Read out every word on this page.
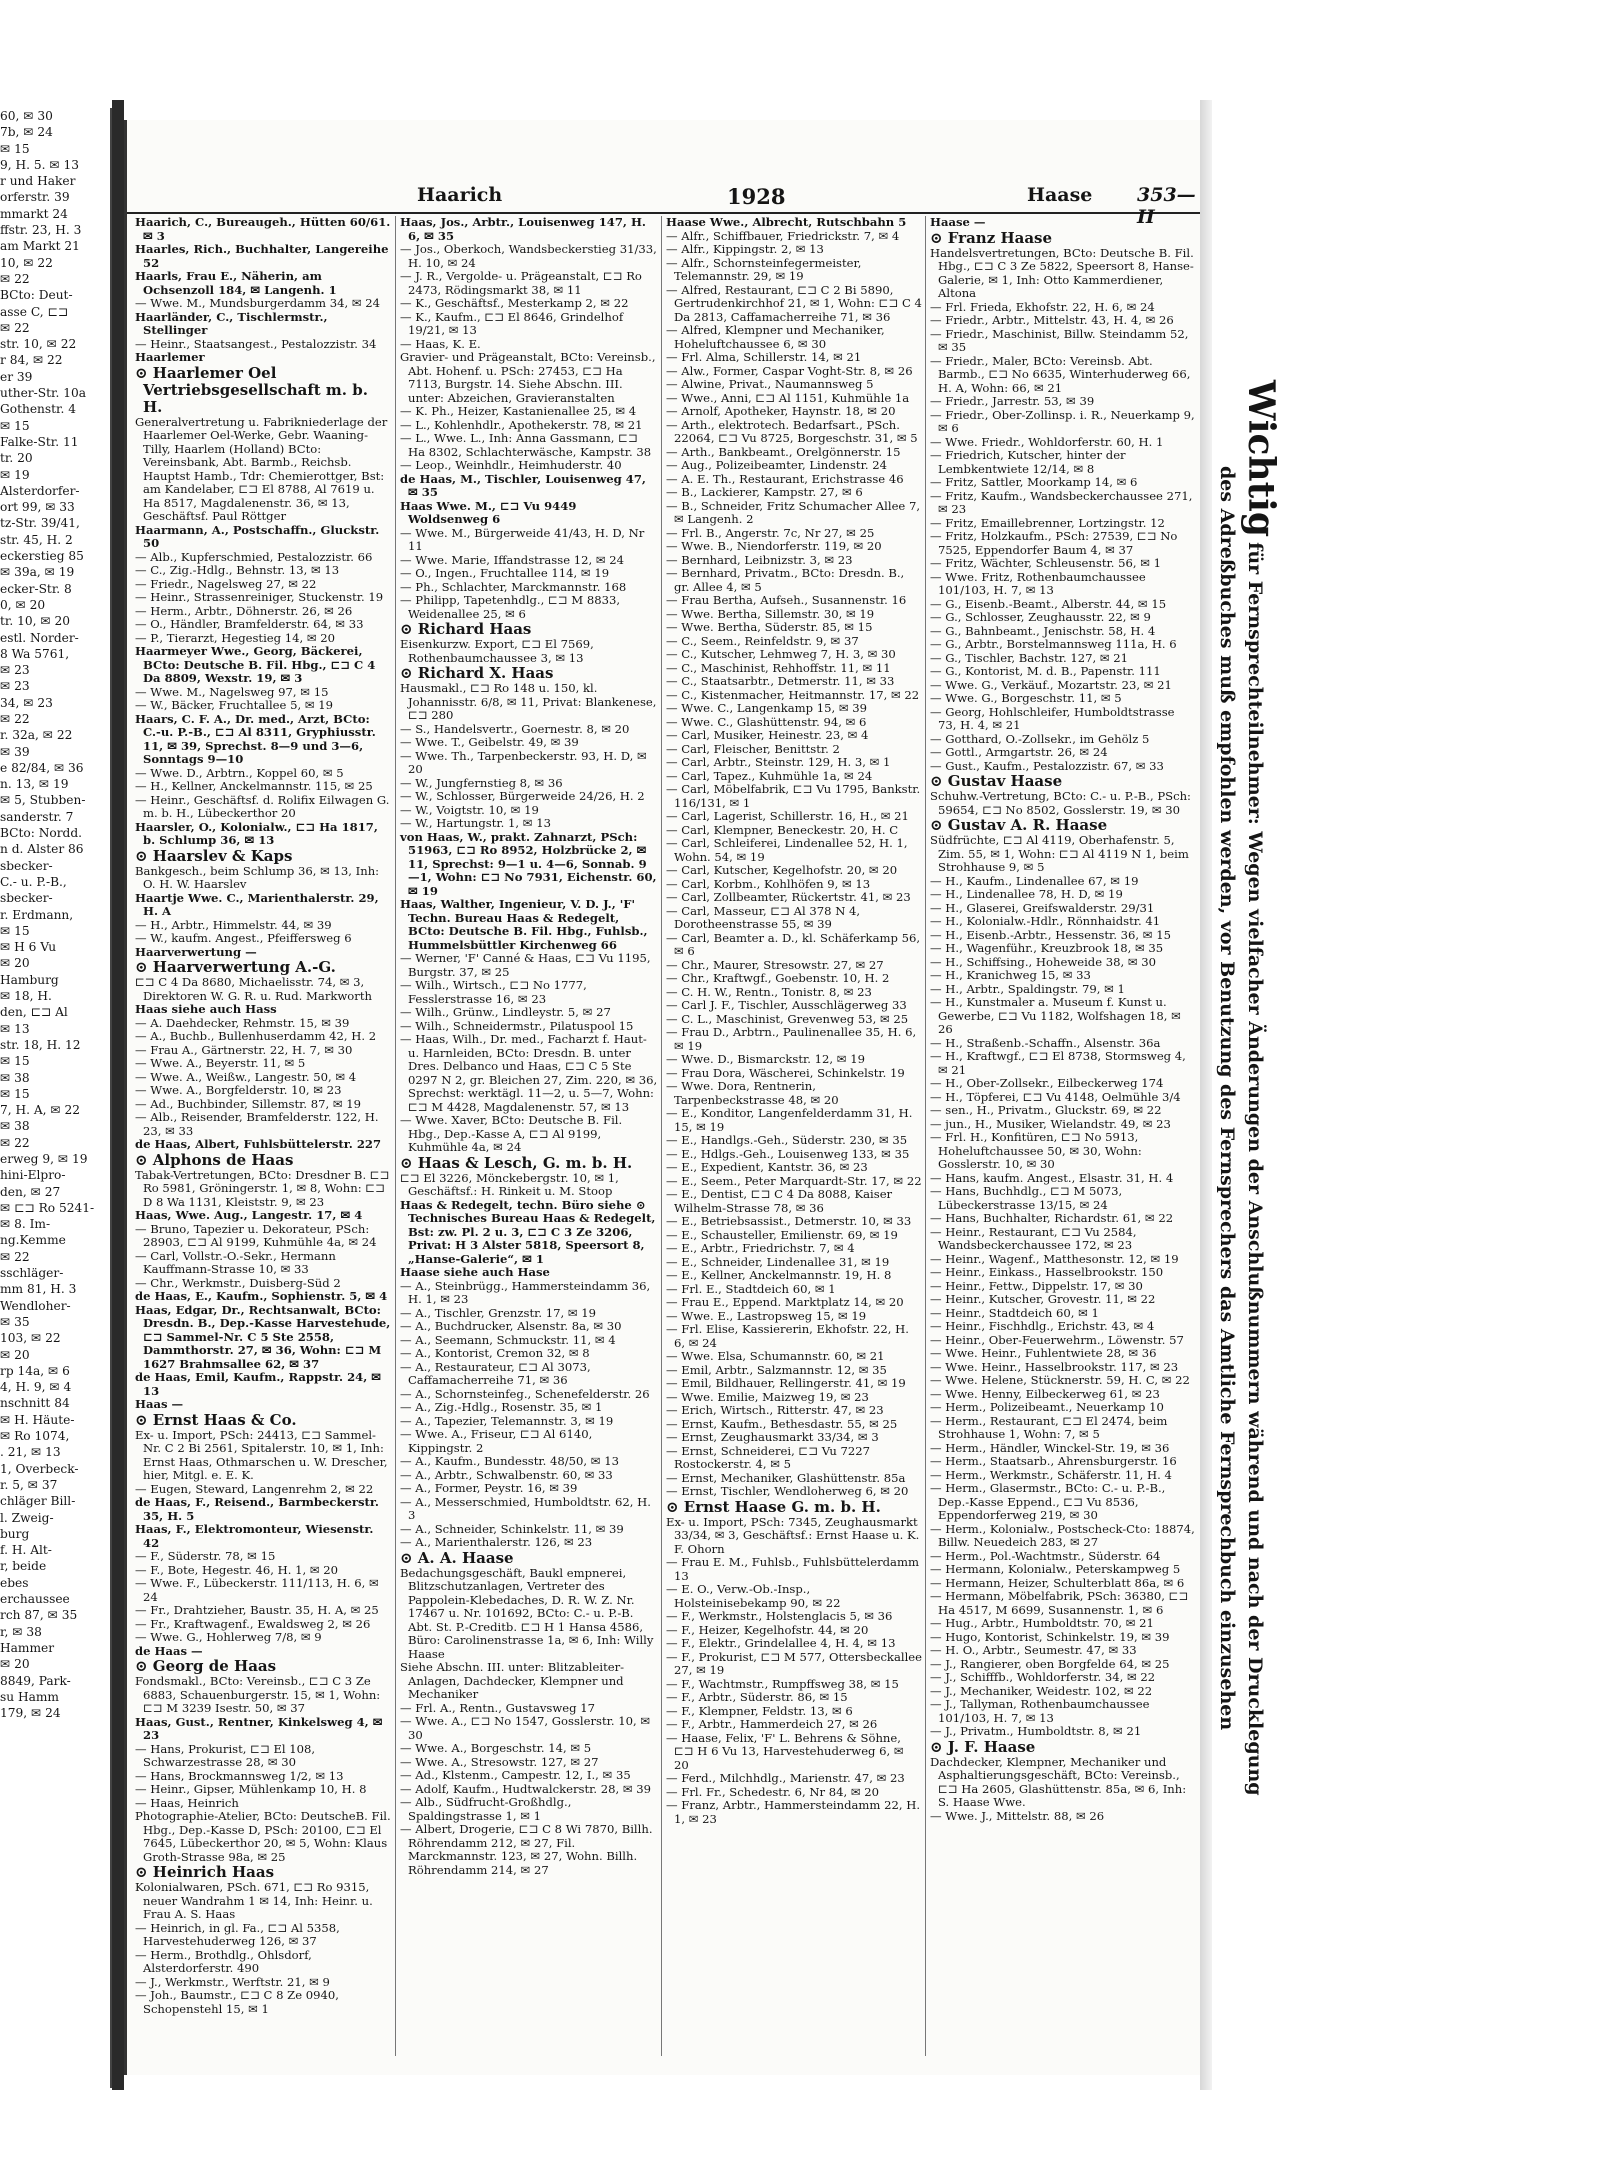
60, ✉ 30
7b, ✉ 24
✉ 15
9, H. 5. ✉ 13
r und Haker
orferstr. 39
mmarkt 24
ffstr. 23, H. 3
am Markt 21
10, ✉ 22
✉ 22
BCto: Deut-
asse C, ⊏⊐
✉ 22
str. 10, ✉ 22
r 84, ✉ 22
er 39
uther-Str. 10a
Gothenstr. 4
✉ 15
Falke-Str. 11
tr. 20
✉ 19
Alsterdorfer-
ort 99, ✉ 33
tz-Str. 39/41,
str. 45, H. 2
eckerstieg 85
✉ 39a, ✉ 19
ecker-Str. 8
0, ✉ 20
tr. 10, ✉ 20
estl. Norder-
8 Wa 5761,
✉ 23
✉ 23
34, ✉ 23
✉ 22
r. 32a, ✉ 22
✉ 39
e 82/84, ✉ 36
n. 13, ✉ 19
✉ 5, Stubben-
sanderstr. 7
BCto: Nordd.
n d. Alster 86
sbecker-
C.- u. P.-B.,
sbecker-
r. Erdmann,
✉ 15
✉ H 6 Vu
✉ 20
Hamburg
✉ 18, H.
den, ⊏⊐ Al
✉ 13
str. 18, H. 12
✉ 15
✉ 38
✉ 15
7, H. A, ✉ 22
✉ 38
✉ 22
erweg 9, ✉ 19
hini-Elpro-
den, ✉ 27
✉ ⊏⊐ Ro 5241-
✉ 8. Im-
ng.Kemme
✉ 22
sschläger-
mm 81, H. 3
Wendloher-
✉ 35
103, ✉ 22
✉ 20
rp 14a, ✉ 6
4, H. 9, ✉ 4
nschnitt 84
✉ H. Häute-
✉ Ro 1074,
. 21, ✉ 13
1, Overbeck-
r. 5, ✉ 37
chläger Bill-
l. Zweig-
burg
f. H. Alt-
r, beide
ebes
erchaussee
rch 87, ✉ 35
r, ✉ 38
Hammer
✉ 20
8849, Park-
su Hamm
179, ✉ 24
Haarich	1928	Haase 353—II
Haarich, C., Bureaugeh., Hütten 60/61. ✉ 3
Haarles, Rich., Buchhalter, Langereihe 52
Haarls, Frau E., Näherin, am Ochsenzoll 184, ✉ Langenh. 1
— Wwe. M., Mundsburgerdamm 34, ✉ 24
Haarländer, C., Tischlermstr., Stellinger
— Heinr., Staatsangest., Pestalozzistr. 34
Haarlemer
⊙ Haarlemer Oel Vertriebsgesellschaft m. b. H.
Generalvertretung u. Fabrikniederlage der Haarlemer Oel-Werke, Gebr. Waaning-Tilly, Haarlem (Holland) BCto: Vereinsbank, Abt. Barmb., Reichsb. Hauptst Hamb., Tdr: Chemierottger, Bst: am Kandelaber, ⊏⊐ El 8788, Al 7619 u. Ha 8517, Magdalenenstr. 36, ✉ 13, Geschäftsf. Paul Röttger
Haarmann, A., Postschaffn., Gluckstr. 50
— Alb., Kupferschmied, Pestalozzistr. 66
— C., Zig.-Hdlg., Behnstr. 13, ✉ 13
— Friedr., Nagelsweg 27, ✉ 22
— Heinr., Strassenreiniger, Stuckenstr. 19
— Herm., Arbtr., Döhnerstr. 26, ✉ 26
— O., Händler, Bramfelderstr. 64, ✉ 33
— P., Tierarzt, Hegestieg 14, ✉ 20
Haarmeyer Wwe., Georg, Bäckerei, BCto: Deutsche B. Fil. Hbg., ⊏⊐ C 4 Da 8809, Wexstr. 19, ✉ 3
— Wwe. M., Nagelsweg 97, ✉ 15
— W., Bäcker, Fruchtallee 5, ✉ 19
Haars, C. F. A., Dr. med., Arzt, BCto: C.-u. P.-B., ⊏⊐ Al 8311, Gryphiusstr. 11, ✉ 39, Sprechst. 8—9 und 3—6, Sonntags 9—10
— Wwe. D., Arbtrn., Koppel 60, ✉ 5
— H., Kellner, Anckelmannstr. 115, ✉ 25
— Heinr., Geschäftsf. d. Rolifix Eilwagen G. m. b. H., Lübeckerthor 20
Haarsler, O., Kolonialw., ⊏⊐ Ha 1817, b. Schlump 36, ✉ 13
⊙ Haarslev & Kaps
Bankgesch., beim Schlump 36, ✉ 13, Inh: O. H. W. Haarslev
Haartje Wwe. C., Marienthalerstr. 29, H. A
— H., Arbtr., Himmelstr. 44, ✉ 39
— W., kaufm. Angest., Pfeiffersweg 6
Haarverwertung —
⊙ Haarverwertung A.-G.
⊏⊐ C 4 Da 8680, Michaelisstr. 74, ✉ 3, Direktoren W. G. R. u. Rud. Markworth
Haas siehe auch Hass
— A. Daehdecker, Rehmstr. 15, ✉ 39
— A., Buchb., Bullenhuserdamm 42, H. 2
— Frau A., Gärtnerstr. 22, H. 7, ✉ 30
— Wwe. A., Beyerstr. 11, ✉ 5
— Wwe. A., Weißw., Langestr. 50, ✉ 4
— Wwe. A., Borgfelderstr. 10, ✉ 23
— Ad., Buchbinder, Sillemstr. 87, ✉ 19
— Alb., Reisender, Bramfelderstr. 122, H. 23, ✉ 33
de Haas, Albert, Fuhlsbüttelerstr. 227
⊙ Alphons de Haas
Tabak-Vertretungen, BCto: Dresdner B. ⊏⊐ Ro 5981, Gröningerstr. 1, ✉ 8, Wohn: ⊏⊐ D 8 Wa 1131, Kleiststr. 9, ✉ 23
Haas, Wwe. Aug., Langestr. 17, ✉ 4
— Bruno, Tapezier u. Dekorateur, PSch: 28903, ⊏⊐ Al 9199, Kuhmühle 4a, ✉ 24
— Carl, Vollstr.-O.-Sekr., Hermann Kauffmann-Strasse 10, ✉ 33
— Chr., Werkmstr., Duisberg-Süd 2
de Haas, E., Kaufm., Sophienstr. 5, ✉ 4
Haas, Edgar, Dr., Rechtsanwalt, BCto: Dresdn. B., Dep.-Kasse Harvestehude, ⊏⊐ Sammel-Nr. C 5 Ste 2558, Dammthorstr. 27, ✉ 36, Wohn: ⊏⊐ M 1627 Brahmsallee 62, ✉ 37
de Haas, Emil, Kaufm., Rappstr. 24, ✉ 13
Haas —
⊙ Ernst Haas & Co.
Ex- u. Import, PSch: 24413, ⊏⊐ Sammel-Nr. C 2 Bi 2561, Spitalerstr. 10, ✉ 1, Inh: Ernst Haas, Othmarschen u. W. Drescher, hier, Mitgl. e. E. K.
— Eugen, Steward, Langenrehm 2, ✉ 22
de Haas, F., Reisend., Barmbeckerstr. 35, H. 5
Haas, F., Elektromonteur, Wiesenstr. 42
— F., Süderstr. 78, ✉ 15
— F., Bote, Hegestr. 46, H. 1, ✉ 20
— Wwe. F., Lübeckerstr. 111/113, H. 6, ✉ 24
— Fr., Drahtzieher, Baustr. 35, H. A, ✉ 25
— Fr., Kraftwagenf., Ewaldsweg 2, ✉ 26
— Wwe. G., Hohlerweg 7/8, ✉ 9
de Haas —
⊙ Georg de Haas
Fondsmakl., BCto: Vereinsb., ⊏⊐ C 3 Ze 6883, Schauenburgerstr. 15, ✉ 1, Wohn: ⊏⊐ M 3239 Isestr. 50, ✉ 37
Haas, Gust., Rentner, Kinkelsweg 4, ✉ 23
— Hans, Prokurist, ⊏⊐ El 108, Schwarzestrasse 28, ✉ 30
— Hans, Brockmannsweg 1/2, ✉ 13
— Heinr., Gipser, Mühlenkamp 10, H. 8
— Haas, Heinrich
Photographie-Atelier, BCto: DeutscheB. Fil. Hbg., Dep.-Kasse D, PSch: 20100, ⊏⊐ El 7645, Lübeckerthor 20, ✉ 5, Wohn: Klaus Groth-Strasse 98a, ✉ 25
⊙ Heinrich Haas
Kolonialwaren, PSch. 671, ⊏⊐ Ro 9315, neuer Wandrahm 1 ✉ 14, Inh: Heinr. u. Frau A. S. Haas
— Heinrich, in gl. Fa., ⊏⊐ Al 5358, Harvestehuderweg 126, ✉ 37
— Herm., Brothdlg., Ohlsdorf, Alsterdorferstr. 490
— J., Werkmstr., Werftstr. 21, ✉ 9
— Joh., Baumstr., ⊏⊐ C 8 Ze 0940, Schopenstehl 15, ✉ 1
Haas, Jos., Arbtr., Louisenweg 147, H. 6, ✉ 35
— Jos., Oberkoch, Wandsbeckerstieg 31/33, H. 10, ✉ 24
— J. R., Vergolde- u. Prägeanstalt, ⊏⊐ Ro 2473, Rödingsmarkt 38, ✉ 11
— K., Geschäftsf., Mesterkamp 2, ✉ 22
— K., Kaufm., ⊏⊐ El 8646, Grindelhof 19/21, ✉ 13
— Haas, K. E.
Gravier- und Prägeanstalt, BCto: Vereinsb., Abt. Hohenf. u. PSch: 27453, ⊏⊐ Ha 7113, Burgstr. 14. Siehe Abschn. III. unter: Abzeichen, Gravieranstalten
— K. Ph., Heizer, Kastanienallee 25, ✉ 4
— L., Kohlenhdlr., Apothekerstr. 78, ✉ 21
— L., Wwe. L., Inh: Anna Gassmann, ⊏⊐ Ha 8302, Schlachterwäsche, Kampstr. 38
— Leop., Weinhdlr., Heimhuderstr. 40
de Haas, M., Tischler, Louisenweg 47, ✉ 35
Haas Wwe. M., ⊏⊐ Vu 9449 Woldsenweg 6
— Wwe. M., Bürgerweide 41/43, H. D, Nr 11
— Wwe. Marie, Iffandstrasse 12, ✉ 24
— O., Ingen., Fruchtallee 114, ✉ 19
— Ph., Schlachter, Marckmannstr. 168
— Philipp, Tapetenhdlg., ⊏⊐ M 8833, Weidenallee 25, ✉ 6
⊙ Richard Haas
Eisenkurzw. Export, ⊏⊐ El 7569, Rothenbaumchaussee 3, ✉ 13
⊙ Richard X. Haas
Hausmakl., ⊏⊐ Ro 148 u. 150, kl. Johannisstr. 6/8, ✉ 11, Privat: Blankenese, ⊏⊐ 280
— S., Handelsvertr., Goernestr. 8, ✉ 20
— Wwe. T., Geibelstr. 49, ✉ 39
— Wwe. Th., Tarpenbeckerstr. 93, H. D, ✉ 20
— W., Jungfernstieg 8, ✉ 36
— W., Schlosser, Bürgerweide 24/26, H. 2
— W., Voigtstr. 10, ✉ 19
— W., Hartungstr. 1, ✉ 13
von Haas, W., prakt. Zahnarzt, PSch: 51963, ⊏⊐ Ro 8952, Holzbrücke 2, ✉ 11, Sprechst: 9—1 u. 4—6, Sonnab. 9—1, Wohn: ⊏⊐ No 7931, Eichenstr. 60, ✉ 19
Haas, Walther, Ingenieur, V. D. J., 'F' Techn. Bureau Haas & Redegelt, BCto: Deutsche B. Fil. Hbg., Fuhlsb., Hummelsbüttler Kirchenweg 66
— Werner, 'F' Canné & Haas, ⊏⊐ Vu 1195, Burgstr. 37, ✉ 25
— Wilh., Wirtsch., ⊏⊐ No 1777, Fesslerstrasse 16, ✉ 23
— Wilh., Grünw., Lindleystr. 5, ✉ 27
— Wilh., Schneidermstr., Pilatuspool 15
— Haas, Wilh., Dr. med., Facharzt f. Haut- u. Harnleiden, BCto: Dresdn. B. unter Dres. Delbanco und Haas, ⊏⊐ C 5 Ste 0297 N 2, gr. Bleichen 27, Zim. 220, ✉ 36, Sprechst: werktägl. 11—2, u. 5—7, Wohn: ⊏⊐ M 4428, Magdalenenstr. 57, ✉ 13
— Wwe. Xaver, BCto: Deutsche B. Fil. Hbg., Dep.-Kasse A, ⊏⊐ Al 9199, Kuhmühle 4a, ✉ 24
⊙ Haas & Lesch, G. m. b. H.
⊏⊐ El 3226, Mönckebergstr. 10, ✉ 1, Geschäftsf.: H. Rinkeit u. M. Stoop
Haas & Redegelt, techn. Büro siehe ⊙ Technisches Bureau Haas & Redegelt, Bst: zw. Pl. 2 u. 3, ⊏⊐ C 3 Ze 3206, Privat: H 3 Alster 5818, Speersort 8, „Hanse-Galerie“, ✉ 1
Haase siehe auch Hase
— A., Steinbrügg., Hammersteindamm 36, H. 1, ✉ 23
— A., Tischler, Grenzstr. 17, ✉ 19
— A., Buchdrucker, Alsenstr. 8a, ✉ 30
— A., Seemann, Schmuckstr. 11, ✉ 4
— A., Kontorist, Cremon 32, ✉ 8
— A., Restaurateur, ⊏⊐ Al 3073, Caffamacherreihe 71, ✉ 36
— A., Schornsteinfeg., Schenefelderstr. 26
— A., Zig.-Hdlg., Rosenstr. 35, ✉ 1
— A., Tapezier, Telemannstr. 3, ✉ 19
— Wwe. A., Friseur, ⊏⊐ Al 6140, Kippingstr. 2
— A., Kaufm., Bundesstr. 48/50, ✉ 13
— A., Arbtr., Schwalbenstr. 60, ✉ 33
— A., Former, Peystr. 16, ✉ 39
— A., Messerschmied, Humboldtstr. 62, H. 3
— A., Schneider, Schinkelstr. 11, ✉ 39
— A., Marienthalerstr. 126, ✉ 23
⊙ A. A. Haase
Bedachungsgeschäft, Baukl empnerei, Blitzschutzanlagen, Vertreter des Pappolein-Klebedaches, D. R. W. Z. Nr. 17467 u. Nr. 101692, BCto: C.- u. P.-B. Abt. St. P.-Creditb. ⊏⊐ H 1 Hansa 4586, Büro: Carolinenstrasse 1a, ✉ 6, Inh: Willy Haase
Siehe Abschn. III. unter: Blitzableiter-Anlagen, Dachdecker, Klempner und Mechaniker
— Frl. A., Rentn., Gustavsweg 17
— Wwe. A., ⊏⊐ No 1547, Gosslerstr. 10, ✉ 30
— Wwe. A., Borgeschstr. 14, ✉ 5
— Wwe. A., Stresowstr. 127, ✉ 27
— Ad., Klstenm., Campestr. 12, I., ✉ 35
— Adolf, Kaufm., Hudtwalckerstr. 28, ✉ 39
— Alb., Südfrucht-Großhdlg., Spaldingstrasse 1, ✉ 1
— Albert, Drogerie, ⊏⊐ C 8 Wi 7870, Billh. Röhrendamm 212, ✉ 27, Fil. Marckmannstr. 123, ✉ 27, Wohn. Billh. Röhrendamm 214, ✉ 27
Haase Wwe., Albrecht, Rutschbahn 5
— Alfr., Schiffbauer, Friedrickstr. 7, ✉ 4
— Alfr., Kippingstr. 2, ✉ 13
— Alfr., Schornsteinfegermeister, Telemannstr. 29, ✉ 19
— Alfred, Restaurant, ⊏⊐ C 2 Bi 5890, Gertrudenkirchhof 21, ✉ 1, Wohn: ⊏⊐ C 4 Da 2813, Caffamacherreihe 71, ✉ 36
— Alfred, Klempner und Mechaniker, Hoheluftchaussee 6, ✉ 30
— Frl. Alma, Schillerstr. 14, ✉ 21
— Alw., Former, Caspar Voght-Str. 8, ✉ 26
— Alwine, Privat., Naumannsweg 5
— Wwe., Anni, ⊏⊐ Al 1151, Kuhmühle 1a
— Arnolf, Apotheker, Haynstr. 18, ✉ 20
— Arth., elektrotech. Bedarfsart., PSch. 22064, ⊏⊐ Vu 8725, Borgeschstr. 31, ✉ 5
— Arth., Bankbeamt., Orelgönnerstr. 15
— Aug., Polizeibeamter, Lindenstr. 24
— A. E. Th., Restaurant, Erichstrasse 46
— B., Lackierer, Kampstr. 27, ✉ 6
— B., Schneider, Fritz Schumacher Allee 7, ✉ Langenh. 2
— Frl. B., Angerstr. 7c, Nr 27, ✉ 25
— Wwe. B., Niendorferstr. 119, ✉ 20
— Bernhard, Leibnizstr. 3, ✉ 23
— Bernhard, Privatm., BCto: Dresdn. B., gr. Allee 4, ✉ 5
— Frau Bertha, Aufseh., Susannenstr. 16
— Wwe. Bertha, Sillemstr. 30, ✉ 19
— Wwe. Bertha, Süderstr. 85, ✉ 15
— C., Seem., Reinfeldstr. 9, ✉ 37
— C., Kutscher, Lehmweg 7, H. 3, ✉ 30
— C., Maschinist, Rehhoffstr. 11, ✉ 11
— C., Staatsarbtr., Detmerstr. 11, ✉ 33
— C., Kistenmacher, Heitmannstr. 17, ✉ 22
— Wwe. C., Langenkamp 15, ✉ 39
— Wwe. C., Glashüttenstr. 94, ✉ 6
— Carl, Musiker, Heinestr. 23, ✉ 4
— Carl, Fleischer, Benittstr. 2
— Carl, Arbtr., Steinstr. 129, H. 3, ✉ 1
— Carl, Tapez., Kuhmühle 1a, ✉ 24
— Carl, Möbelfabrik, ⊏⊐ Vu 1795, Bankstr. 116/131, ✉ 1
— Carl, Lagerist, Schillerstr. 16, H., ✉ 21
— Carl, Klempner, Beneckestr. 20, H. C
— Carl, Schleiferei, Lindenallee 52, H. 1, Wohn. 54, ✉ 19
— Carl, Kutscher, Kegelhofstr. 20, ✉ 20
— Carl, Korbm., Kohlhöfen 9, ✉ 13
— Carl, Zollbeamter, Rückertstr. 41, ✉ 23
— Carl, Masseur, ⊏⊐ Al 378 N 4, Dorotheenstrasse 55, ✉ 39
— Carl, Beamter a. D., kl. Schäferkamp 56, ✉ 6
— Chr., Maurer, Stresowstr. 27, ✉ 27
— Chr., Kraftwgf., Goebenstr. 10, H. 2
— C. H. W., Rentn., Tonistr. 8, ✉ 23
— Carl J. F., Tischler, Ausschlägerweg 33
— C. L., Maschinist, Grevenweg 53, ✉ 25
— Frau D., Arbtrn., Paulinenallee 35, H. 6, ✉ 19
— Wwe. D., Bismarckstr. 12, ✉ 19
— Frau Dora, Wäscherei, Schinkelstr. 19
— Wwe. Dora, Rentnerin, Tarpenbeckstrasse 48, ✉ 20
— E., Konditor, Langenfelderdamm 31, H. 15, ✉ 19
— E., Handlgs.-Geh., Süderstr. 230, ✉ 35
— E., Hdlgs.-Geh., Louisenweg 133, ✉ 35
— E., Expedient, Kantstr. 36, ✉ 23
— E., Seem., Peter Marquardt-Str. 17, ✉ 22
— E., Dentist, ⊏⊐ C 4 Da 8088, Kaiser Wilhelm-Strasse 78, ✉ 36
— E., Betriebsassist., Detmerstr. 10, ✉ 33
— E., Schausteller, Emilienstr. 69, ✉ 19
— E., Arbtr., Friedrichstr. 7, ✉ 4
— E., Schneider, Lindenallee 31, ✉ 19
— E., Kellner, Anckelmannstr. 19, H. 8
— Frl. E., Stadtdeich 60, ✉ 1
— Frau E., Eppend. Marktplatz 14, ✉ 20
— Wwe. E., Lastropsweg 15, ✉ 19
— Frl. Elise, Kassiererin, Ekhofstr. 22, H. 6, ✉ 24
— Wwe. Elsa, Schumannstr. 60, ✉ 21
— Emil, Arbtr., Salzmannstr. 12, ✉ 35
— Emil, Bildhauer, Rellingerstr. 41, ✉ 19
— Wwe. Emilie, Maizweg 19, ✉ 23
— Erich, Wirtsch., Ritterstr. 47, ✉ 23
— Ernst, Kaufm., Bethesdastr. 55, ✉ 25
— Ernst, Zeughausmarkt 33/34, ✉ 3
— Ernst, Schneiderei, ⊏⊐ Vu 7227 Rostockerstr. 4, ✉ 5
— Ernst, Mechaniker, Glashüttenstr. 85a
— Ernst, Tischler, Wendloherweg 6, ✉ 20
⊙ Ernst Haase G. m. b. H.
Ex- u. Import, PSch: 7345, Zeughausmarkt 33/34, ✉ 3, Geschäftsf.: Ernst Haase u. K. F. Ohorn
— Frau E. M., Fuhlsb., Fuhlsbüttelerdamm 13
— E. O., Verw.-Ob.-Insp., Holsteinisebekamp 90, ✉ 22
— F., Werkmstr., Holstenglacis 5, ✉ 36
— F., Heizer, Kegelhofstr. 44, ✉ 20
— F., Elektr., Grindelallee 4, H. 4, ✉ 13
— F., Prokurist, ⊏⊐ M 577, Ottersbeckallee 27, ✉ 19
— F., Wachtmstr., Rumpffsweg 38, ✉ 15
— F., Arbtr., Süderstr. 86, ✉ 15
— F., Klempner, Feldstr. 13, ✉ 6
— F., Arbtr., Hammerdeich 27, ✉ 26
— Haase, Felix, 'F' L. Behrens & Söhne, ⊏⊐ H 6 Vu 13, Harvestehuderweg 6, ✉ 20
— Ferd., Milchhdlg., Marienstr. 47, ✉ 23
— Frl. Fr., Schedestr. 6, Nr 84, ✉ 20
— Franz, Arbtr., Hammersteindamm 22, H. 1, ✉ 23
Haase —
⊙ Franz Haase
Handelsvertretungen, BCto: Deutsche B. Fil. Hbg., ⊏⊐ C 3 Ze 5822, Speersort 8, Hanse-Galerie, ✉ 1, Inh: Otto Kammerdiener, Altona
— Frl. Frieda, Ekhofstr. 22, H. 6, ✉ 24
— Friedr., Arbtr., Mittelstr. 43, H. 4, ✉ 26
— Friedr., Maschinist, Billw. Steindamm 52, ✉ 35
— Friedr., Maler, BCto: Vereinsb. Abt. Barmb., ⊏⊐ No 6635, Winterhuderweg 66, H. A, Wohn: 66, ✉ 21
— Friedr., Jarrestr. 53, ✉ 39
— Friedr., Ober-Zollinsp. i. R., Neuerkamp 9, ✉ 6
— Wwe. Friedr., Wohldorferstr. 60, H. 1
— Friedrich, Kutscher, hinter der Lembkentwiete 12/14, ✉ 8
— Fritz, Sattler, Moorkamp 14, ✉ 6
— Fritz, Kaufm., Wandsbeckerchaussee 271, ✉ 23
— Fritz, Emaillebrenner, Lortzingstr. 12
— Fritz, Holzkaufm., PSch: 27539, ⊏⊐ No 7525, Eppendorfer Baum 4, ✉ 37
— Fritz, Wächter, Schleusenstr. 56, ✉ 1
— Wwe. Fritz, Rothenbaumchaussee 101/103, H. 7, ✉ 13
— G., Eisenb.-Beamt., Alberstr. 44, ✉ 15
— G., Schlosser, Zeughausstr. 22, ✉ 9
— G., Bahnbeamt., Jenischstr. 58, H. 4
— G., Arbtr., Borstelmannsweg 111a, H. 6
— G., Tischler, Bachstr. 127, ✉ 21
— G., Kontorist, M. d. B., Papenstr. 111
— Wwe. G., Verkäuf., Mozartstr. 23, ✉ 21
— Wwe. G., Borgeschstr. 11, ✉ 5
— Georg, Hohlschleifer, Humboldtstrasse 73, H. 4, ✉ 21
— Gotthard, O.-Zollsekr., im Gehölz 5
— Gottl., Armgartstr. 26, ✉ 24
— Gust., Kaufm., Pestalozzistr. 67, ✉ 33
⊙ Gustav Haase
Schuhw.-Vertretung, BCto: C.- u. P.-B., PSch: 59654, ⊏⊐ No 8502, Gosslerstr. 19, ✉ 30
⊙ Gustav A. R. Haase
Südfrüchte, ⊏⊐ Al 4119, Oberhafenstr. 5, Zim. 55, ✉ 1, Wohn: ⊏⊐ Al 4119 N 1, beim Strohhause 9, ✉ 5
— H., Kaufm., Lindenallee 67, ✉ 19
— H., Lindenallee 78, H. D, ✉ 19
— H., Glaserei, Greifswalderstr. 29/31
— H., Kolonialw.-Hdlr., Rönnhaidstr. 41
— H., Eisenb.-Arbtr., Hessenstr. 36, ✉ 15
— H., Wagenführ., Kreuzbrook 18, ✉ 35
— H., Schiffsing., Hoheweide 38, ✉ 30
— H., Kranichweg 15, ✉ 33
— H., Arbtr., Spaldingstr. 79, ✉ 1
— H., Kunstmaler a. Museum f. Kunst u. Gewerbe, ⊏⊐ Vu 1182, Wolfshagen 18, ✉ 26
— H., Straßenb.-Schaffn., Alsenstr. 36a
— H., Kraftwgf., ⊏⊐ El 8738, Stormsweg 4, ✉ 21
— H., Ober-Zollsekr., Eilbeckerweg 174
— H., Töpferei, ⊏⊐ Vu 4148, Oelmühle 3/4
— sen., H., Privatm., Gluckstr. 69, ✉ 22
— jun., H., Musiker, Wielandstr. 49, ✉ 23
— Frl. H., Konfitüren, ⊏⊐ No 5913, Hoheluftchaussee 50, ✉ 30, Wohn: Gosslerstr. 10, ✉ 30
— Hans, kaufm. Angest., Elsastr. 31, H. 4
— Hans, Buchhdlg., ⊏⊐ M 5073, Lübeckerstrasse 13/15, ✉ 24
— Hans, Buchhalter, Richardstr. 61, ✉ 22
— Heinr., Restaurant, ⊏⊐ Vu 2584, Wandsbeckerchaussee 172, ✉ 23
— Heinr., Wagenf., Matthesonstr. 12, ✉ 19
— Heinr., Einkass., Hasselbrookstr. 150
— Heinr., Fettw., Dippelstr. 17, ✉ 30
— Heinr., Kutscher, Grovestr. 11, ✉ 22
— Heinr., Stadtdeich 60, ✉ 1
— Heinr., Fischhdlg., Erichstr. 43, ✉ 4
— Heinr., Ober-Feuerwehrm., Löwenstr. 57
— Wwe. Heinr., Fuhlentwiete 28, ✉ 36
— Wwe. Heinr., Hasselbrookstr. 117, ✉ 23
— Wwe. Helene, Stücknerstr. 59, H. C, ✉ 22
— Wwe. Henny, Eilbeckerweg 61, ✉ 23
— Herm., Polizeibeamt., Neuerkamp 10
— Herm., Restaurant, ⊏⊐ El 2474, beim Strohhause 1, Wohn: 7, ✉ 5
— Herm., Händler, Winckel-Str. 19, ✉ 36
— Herm., Staatsarb., Ahrensburgerstr. 16
— Herm., Werkmstr., Schäferstr. 11, H. 4
— Herm., Glasermstr., BCto: C.- u. P.-B., Dep.-Kasse Eppend., ⊏⊐ Vu 8536, Eppendorferweg 219, ✉ 30
— Herm., Kolonialw., Postscheck-Cto: 18874, Billw. Neuedeich 283, ✉ 27
— Herm., Pol.-Wachtmstr., Süderstr. 64
— Hermann, Kolonialw., Peterskampweg 5
— Hermann, Heizer, Schulterblatt 86a, ✉ 6
— Hermann, Möbelfabrik, PSch: 36380, ⊏⊐ Ha 4517, M 6699, Susannenstr. 1, ✉ 6
— Hug., Arbtr., Humboldtstr. 70, ✉ 21
— Hugo, Kontorist, Schinkelstr. 19, ✉ 39
— H. O., Arbtr., Seumestr. 47, ✉ 33
— J., Rangierer, oben Borgfelde 64, ✉ 25
— J., Schifffb., Wohldorferstr. 34, ✉ 22
— J., Mechaniker, Weidestr. 102, ✉ 22
— J., Tallyman, Rothenbaumchaussee 101/103, H. 7, ✉ 13
— J., Privatm., Humboldtstr. 8, ✉ 21
⊙ J. F. Haase
Dachdecker, Klempner, Mechaniker und Asphaltierungsgeschäft, BCto: Vereinsb., ⊏⊐ Ha 2605, Glashüttenstr. 85a, ✉ 6, Inh: S. Haase Wwe.
— Wwe. J., Mittelstr. 88, ✉ 26
Wichtig für Fernsprechteilnehmer: Wegen vielfacher Änderungen der Anschlußnummern während und nach der Drucklegung
des Adreßbuches muß empfohlen werden, vor Benutzung des Fernsprechers das Amtliche Fernsprechbuch einzusehen
